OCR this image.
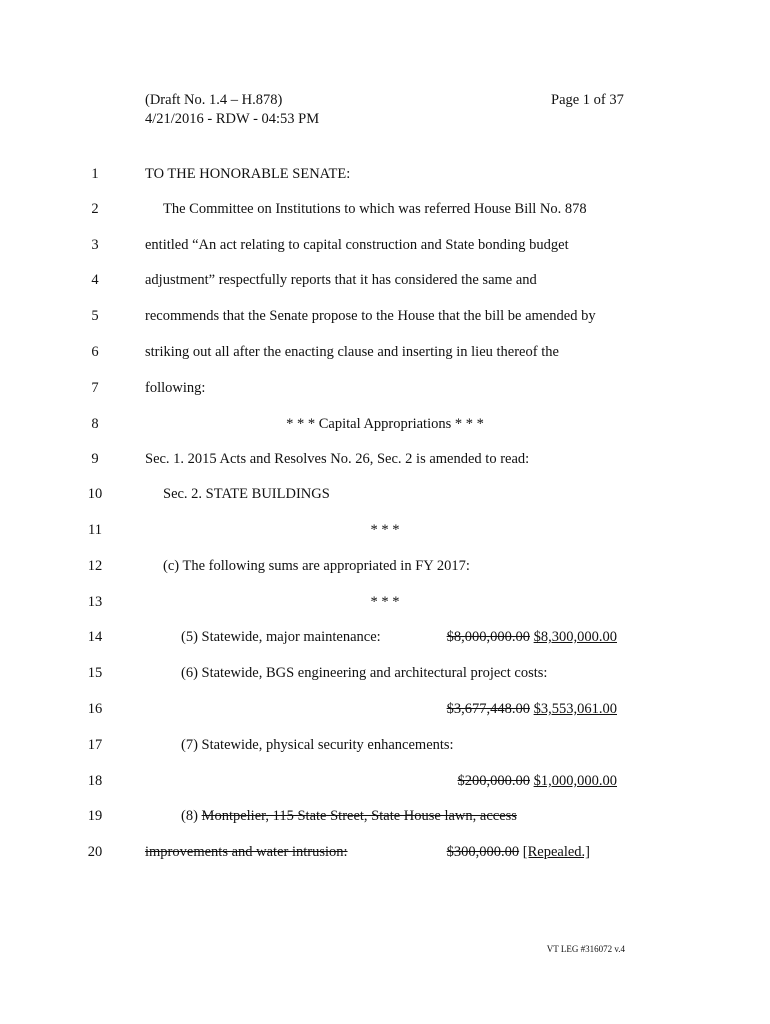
(Draft No. 1.4 – H.878)	Page 1 of 37
4/21/2016 - RDW - 04:53 PM
1
2
3
4
5
6
7
8
9
10
11
12
13
14
15
16
17
18
19
20
TO THE HONORABLE SENATE:
The Committee on Institutions to which was referred House Bill No. 878
entitled “An act relating to capital construction and State bonding budget
adjustment” respectfully reports that it has considered the same and
recommends that the Senate propose to the House that the bill be amended by
striking out all after the enacting clause and inserting in lieu thereof the
following:
* * * Capital Appropriations * * *
Sec. 1. 2015 Acts and Resolves No. 26, Sec. 2 is amended to read:
Sec. 2. STATE BUILDINGS
* * *
(c) The following sums are appropriated in FY 2017:
* * *
(5) Statewide, major maintenance:	$8,000,000.00 $8,300,000.00
(6) Statewide, BGS engineering and architectural project costs:
$3,677,448.00 $3,553,061.00
(7) Statewide, physical security enhancements:
$200,000.00 $1,000,000.00
(8) Montpelier, 115 State Street, State House lawn, access
improvements and water intrusion:	$300,000.00 [Repealed.]
VT LEG #316072 v.4
